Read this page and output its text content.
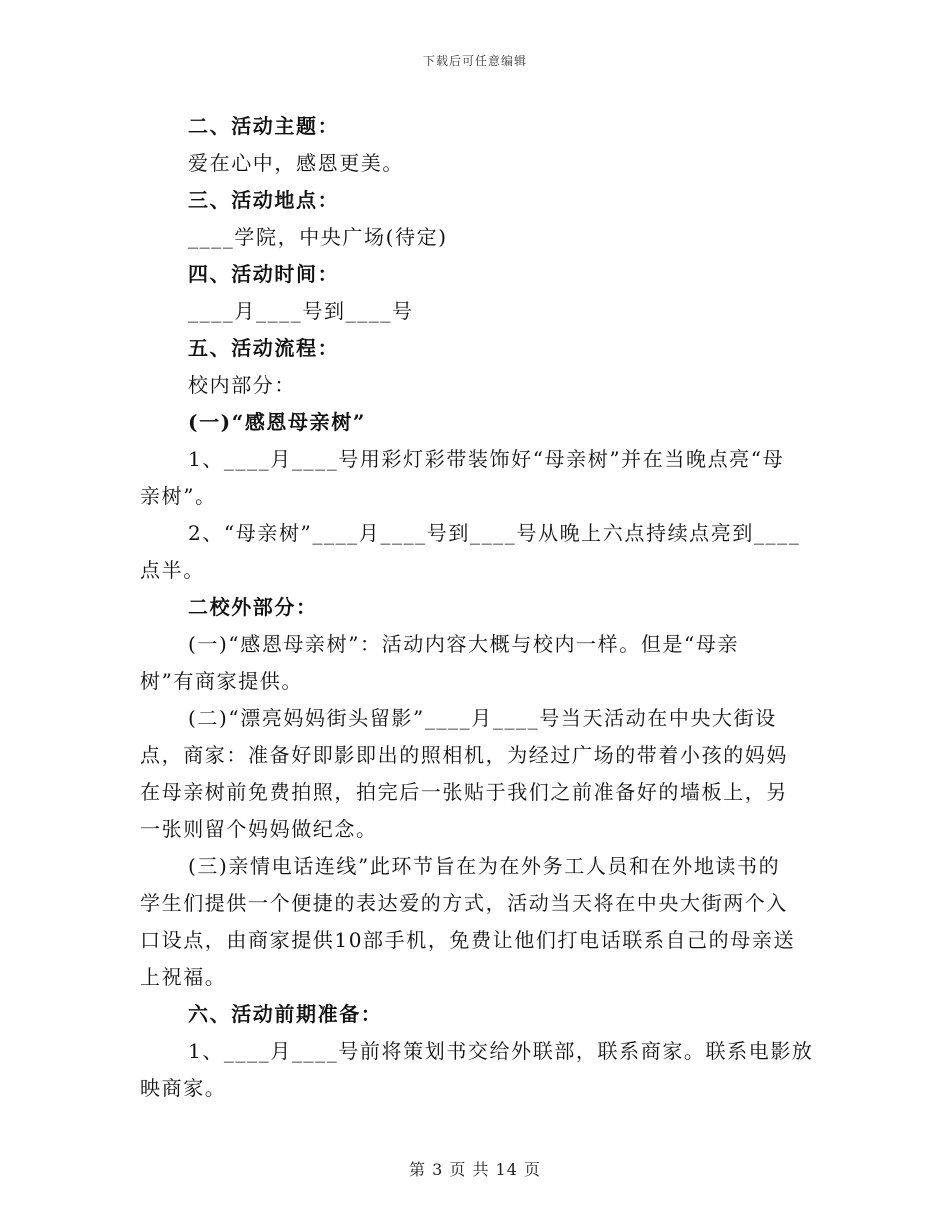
下载后可任意编辑
二、活动主题：
爱在心中，感恩更美。
三、活动地点：
____学院，中央广场(待定)
四、活动时间：
____月____号到____号
五、活动流程：
校内部分：
(一)“感恩母亲树”
1、____月____号用彩灯彩带装饰好“母亲树”并在当晚点亮“母
亲树”。
2、“母亲树”____月____号到____号从晚上六点持续点亮到____
点半。
二校外部分：
(一)“感恩母亲树”：活动内容大概与校内一样。但是“母亲
树”有商家提供。
(二)“漂亮妈妈街头留影”____月____号当天活动在中央大街设
点，商家：准备好即影即出的照相机，为经过广场的带着小孩的妈妈
在母亲树前免费拍照，拍完后一张贴于我们之前准备好的墙板上，另
一张则留个妈妈做纪念。
(三)亲情电话连线”此环节旨在为在外务工人员和在外地读书的
学生们提供一个便捷的表达爱的方式，活动当天将在中央大街两个入
口设点，由商家提供10部手机，免费让他们打电话联系自己的母亲送
上祝福。
六、活动前期准备：
1、____月____号前将策划书交给外联部，联系商家。联系电影放
映商家。
第 3 页 共 14 页
